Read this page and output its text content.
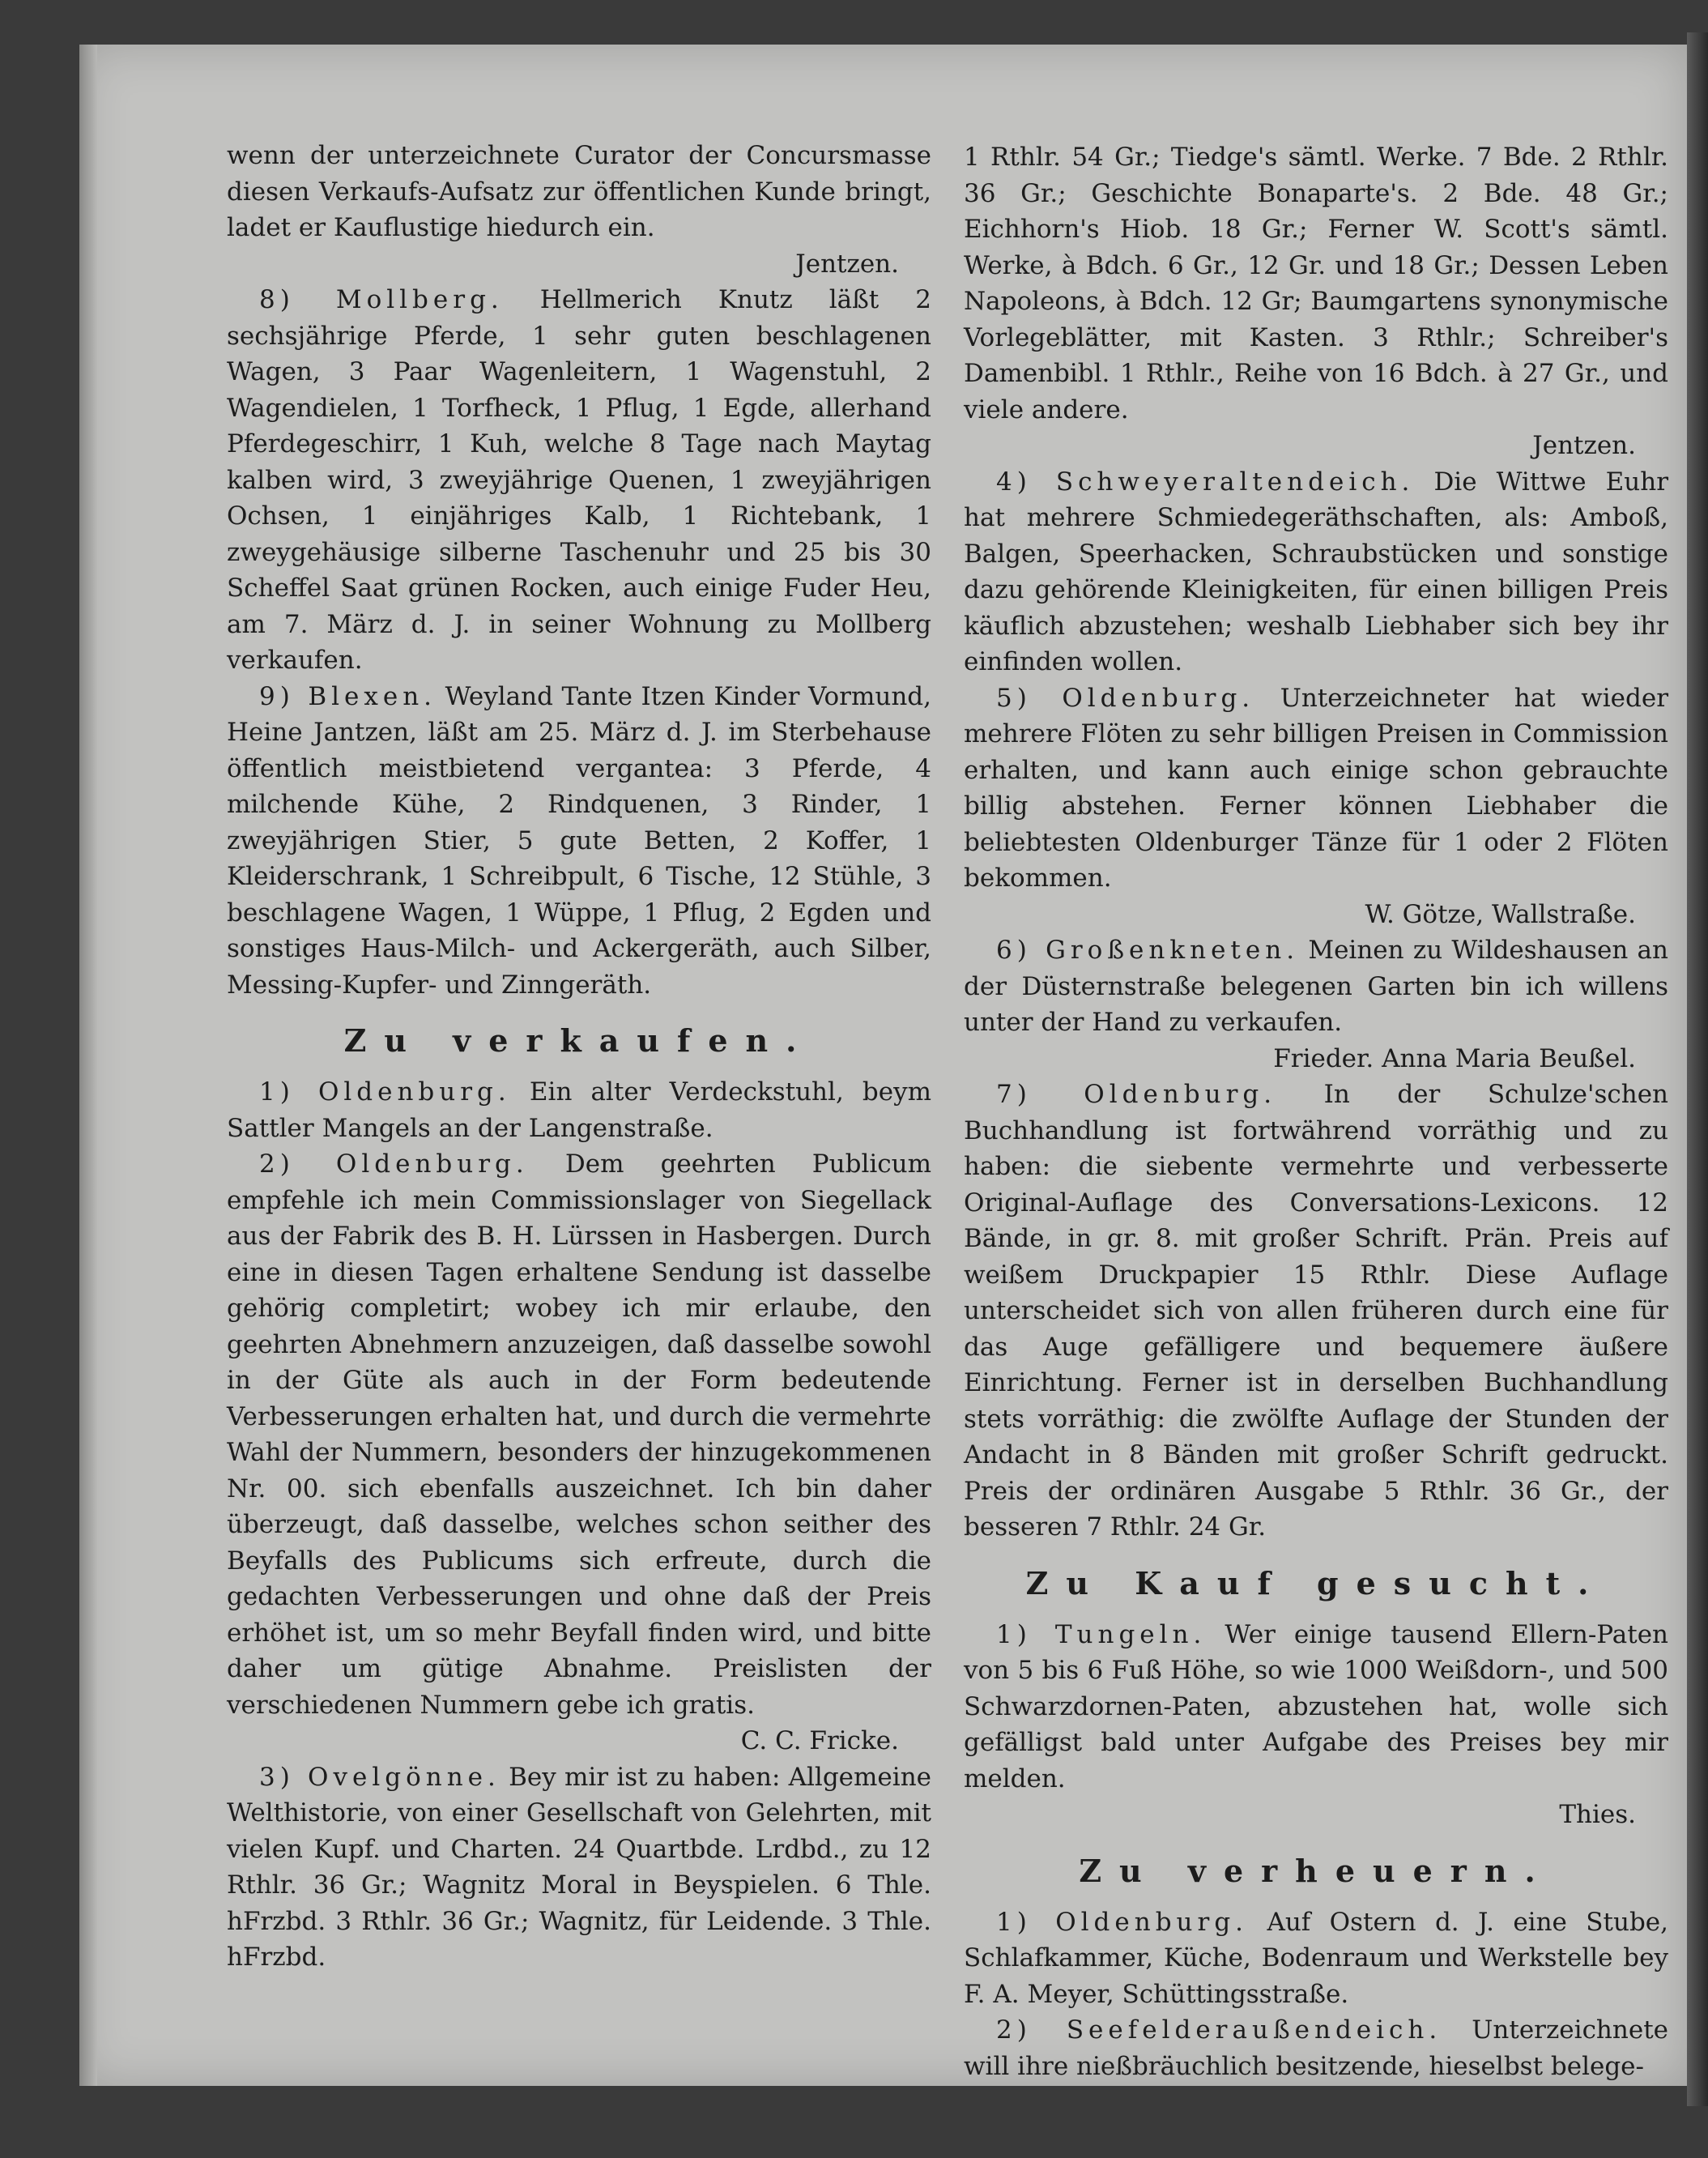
wenn der unterzeichnete Curator der Concursmasse diesen Verkaufs-Aufsatz zur öffentlichen Kunde bringt, ladet er Kauflustige hiedurch ein.

Jentzen.

8) Mollberg. Hellmerich Knutz läßt 2 sechsjährige Pferde, 1 sehr guten beschlagenen Wagen, 3 Paar Wagenleitern, 1 Wagenstuhl, 2 Wagendielen, 1 Torfheck, 1 Pflug, 1 Egde, allerhand Pferdegeschirr, 1 Kuh, welche 8 Tage nach Maytag kalben wird, 3 zweyjährige Quenen, 1 zweyjährigen Ochsen, 1 einjähriges Kalb, 1 Richtebank, 1 zweygehäusige silberne Taschenuhr und 25 bis 30 Scheffel Saat grünen Rocken, auch einige Fuder Heu, am 7. März d. J. in seiner Wohnung zu Mollberg verkaufen.

9) Blexen. Weyland Tante Itzen Kinder Vormund, Heine Jantzen, läßt am 25. März d. J. im Sterbehause öffentlich meistbietend vergantea: 3 Pferde, 4 milchende Kühe, 2 Rindquenen, 3 Rinder, 1 zweyjährigen Stier, 5 gute Betten, 2 Koffer, 1 Kleiderschrank, 1 Schreibpult, 6 Tische, 12 Stühle, 3 beschlagene Wagen, 1 Wüppe, 1 Pflug, 2 Egden und sonstiges Haus-Milch- und Ackergeräth, auch Silber, Messing-Kupfer- und Zinngeräth.

Zu verkaufen.

1) Oldenburg. Ein alter Verdeckstuhl, beym Sattler Mangels an der Langenstraße.

2) Oldenburg. Dem geehrten Publicum empfehle ich mein Commissionslager von Siegellack aus der Fabrik des B. H. Lürssen in Hasbergen. Durch eine in diesen Tagen erhaltene Sendung ist dasselbe gehörig completirt; wobey ich mir erlaube, den geehrten Abnehmern anzuzeigen, daß dasselbe sowohl in der Güte als auch in der Form bedeutende Verbesserungen erhalten hat, und durch die vermehrte Wahl der Nummern, besonders der hinzugekommenen Nr. 00. sich ebenfalls auszeichnet. Ich bin daher überzeugt, daß dasselbe, welches schon seither des Beyfalls des Publicums sich erfreute, durch die gedachten Verbesserungen und ohne daß der Preis erhöhet ist, um so mehr Beyfall finden wird, und bitte daher um gütige Abnahme. Preislisten der verschiedenen Nummern gebe ich gratis.

C. C. Fricke.

3) Ovelgönne. Bey mir ist zu haben: Allgemeine Welthistorie, von einer Gesellschaft von Gelehrten, mit vielen Kupf. und Charten. 24 Quartbde. Lrdbd., zu 12 Rthlr. 36 Gr.; Wagnitz Moral in Beyspielen. 6 Thle. hFrzbd. 3 Rthlr. 36 Gr.; Wagnitz, für Leidende. 3 Thle. hFrzbd.

1 Rthlr. 54 Gr.; Tiedge's sämtl. Werke. 7 Bde. 2 Rthlr. 36 Gr.; Geschichte Bonaparte's. 2 Bde. 48 Gr.; Eichhorn's Hiob. 18 Gr.; Ferner W. Scott's sämtl. Werke, à Bdch. 6 Gr., 12 Gr. und 18 Gr.; Dessen Leben Napoleons, à Bdch. 12 Gr; Baumgartens synonymische Vorlegeblätter, mit Kasten. 3 Rthlr.; Schreiber's Damenbibl. 1 Rthlr., Reihe von 16 Bdch. à 27 Gr., und viele andere.

Jentzen.

4) Schweyeraltendeich. Die Wittwe Euhr hat mehrere Schmiedegeräthschaften, als: Amboß, Balgen, Speerhacken, Schraubstücken und sonstige dazu gehörende Kleinigkeiten, für einen billigen Preis käuflich abzustehen; weshalb Liebhaber sich bey ihr einfinden wollen.

5) Oldenburg. Unterzeichneter hat wieder mehrere Flöten zu sehr billigen Preisen in Commission erhalten, und kann auch einige schon gebrauchte billig abstehen. Ferner können Liebhaber die beliebtesten Oldenburger Tänze für 1 oder 2 Flöten bekommen.

W. Götze, Wallstraße.

6) Großenkneten. Meinen zu Wildeshausen an der Düsternstraße belegenen Garten bin ich willens unter der Hand zu verkaufen.

Frieder. Anna Maria Beußel.

7) Oldenburg. In der Schulze'schen Buchhandlung ist fortwährend vorräthig und zu haben: die siebente vermehrte und verbesserte Original-Auflage des Conversations-Lexicons. 12 Bände, in gr. 8. mit großer Schrift. Prän. Preis auf weißem Druckpapier 15 Rthlr. Diese Auflage unterscheidet sich von allen früheren durch eine für das Auge gefälligere und bequemere äußere Einrichtung. Ferner ist in derselben Buchhandlung stets vorräthig: die zwölfte Auflage der Stunden der Andacht in 8 Bänden mit großer Schrift gedruckt. Preis der ordinären Ausgabe 5 Rthlr. 36 Gr., der besseren 7 Rthlr. 24 Gr.

Zu Kauf gesucht.

1) Tungeln. Wer einige tausend Ellern-Paten von 5 bis 6 Fuß Höhe, so wie 1000 Weißdorn-, und 500 Schwarzdornen-Paten, abzustehen hat, wolle sich gefälligst bald unter Aufgabe des Preises bey mir melden.

Thies.

Zu verheuern.

1) Oldenburg. Auf Ostern d. J. eine Stube, Schlafkammer, Küche, Bodenraum und Werkstelle bey F. A. Meyer, Schüttingsstraße.

2) Seefelderaußendeich. Unterzeichnete will ihre nießbräuchlich besitzende, hieselbst belege-
